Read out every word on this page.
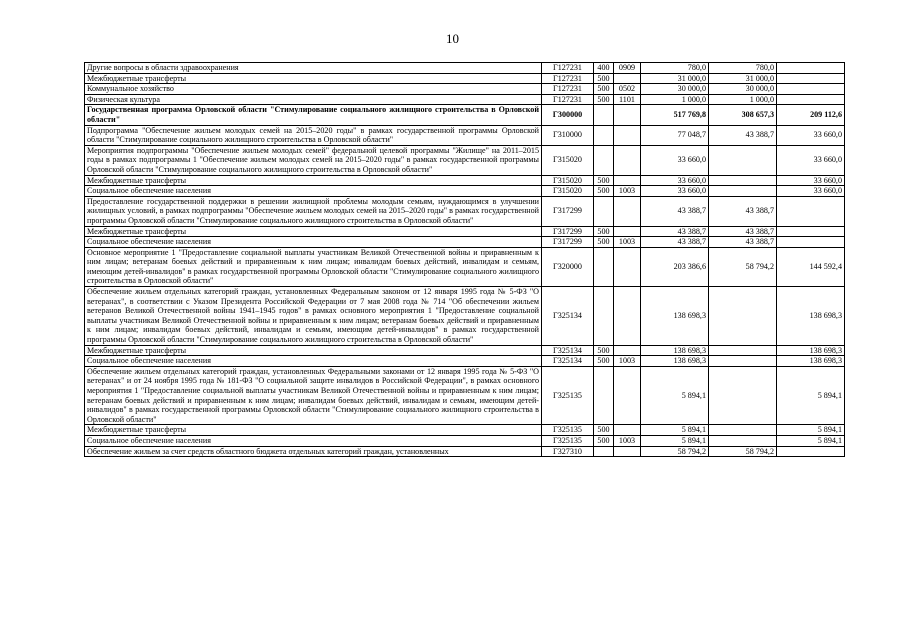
10
Другие вопросы в области здравоохранения	Г127231	400	0909	780,0	780,0	
Межбюджетные трансферты	Г127231	500		31 000,0	31 000,0	
Коммунальное хозяйство	Г127231	500	0502	30 000,0	30 000,0	
Физическая культура	Г127231	500	1101	1 000,0	1 000,0	
Государственная программа Орловской области "Стимулирование социального жилищного строительства в Орловской области"	Г300000			517 769,8	308 657,3	209 112,6
Подпрограмма "Обеспечение жильем молодых семей на 2015–2020 годы" в рамках государственной программы Орловской области "Стимулирование социального жилищного строительства в Орловской области"	Г310000			77 048,7	43 388,7	33 660,0
Мероприятия подпрограммы "Обеспечение жильем молодых семей" федеральной целевой программы "Жилище" на 2011–2015 годы в рамках подпрограммы 1 "Обеспечение жильем молодых семей на 2015–2020 годы" в рамках государственной программы Орловской области "Стимулирование социального жилищного строительства в Орловской области"	Г315020			33 660,0		33 660,0
Межбюджетные трансферты	Г315020	500		33 660,0		33 660,0
Социальное обеспечение населения	Г315020	500	1003	33 660,0		33 660,0
Предоставление государственной поддержки в решении жилищной проблемы молодым семьям, нуждающимся в улучшении жилищных условий, в рамках подпрограммы "Обеспечение жильем молодых семей на 2015–2020 годы" в рамках государственной программы Орловской области "Стимулирование социального жилищного строительства в Орловской области"	Г317299			43 388,7	43 388,7	
Межбюджетные трансферты	Г317299	500		43 388,7	43 388,7	
Социальное обеспечение населения	Г317299	500	1003	43 388,7	43 388,7	
Основное мероприятие 1 "Предоставление социальной выплаты участникам Великой Отечественной войны и приравненным к ним лицам; ветеранам боевых действий и приравненным к ним лицам; инвалидам боевых действий, инвалидам и семьям, имеющим детей-инвалидов" в рамках государственной программы Орловской области "Стимулирование социального жилищного строительства в Орловской области"	Г320000			203 386,6	58 794,2	144 592,4
Обеспечение жильем отдельных категорий граждан, установленных Федеральным законом от 12 января 1995 года № 5-ФЗ "О ветеранах", в соответствии с Указом Президента Российской Федерации от 7 мая 2008 года № 714 "Об обеспечении жильем ветеранов Великой Отечественной войны 1941–1945 годов" в рамках основного мероприятия 1 "Предоставление социальной выплаты участникам Великой Отечественной войны и приравненным к ним лицам; ветеранам боевых действий и приравненным к ним лицам; инвалидам боевых действий, инвалидам и семьям, имеющим детей-инвалидов" в рамках государственной программы Орловской области "Стимулирование социального жилищного строительства в Орловской области"	Г325134			138 698,3		138 698,3
Межбюджетные трансферты	Г325134	500		138 698,3		138 698,3
Социальное обеспечение населения	Г325134	500	1003	138 698,3		138 698,3
Обеспечение жильем отдельных категорий граждан, установленных Федеральными законами от 12 января 1995 года № 5-ФЗ "О ветеранах" и от 24 ноября 1995 года № 181-ФЗ "О социальной защите инвалидов в Российской Федерации", в рамках основного мероприятия 1 "Предоставление социальной выплаты участникам Великой Отечественной войны и приравненным к ним лицам; ветеранам боевых действий и приравненным к ним лицам; инвалидам боевых действий, инвалидам и семьям, имеющим детей-инвалидов" в рамках государственной программы Орловской области "Стимулирование социального жилищного строительства в Орловской области"	Г325135			5 894,1		5 894,1
Межбюджетные трансферты	Г325135	500		5 894,1		5 894,1
Социальное обеспечение населения	Г325135	500	1003	5 894,1		5 894,1
Обеспечение жильем за счет средств областного бюджета отдельных категорий граждан, установленных	Г327310			58 794,2	58 794,2	
